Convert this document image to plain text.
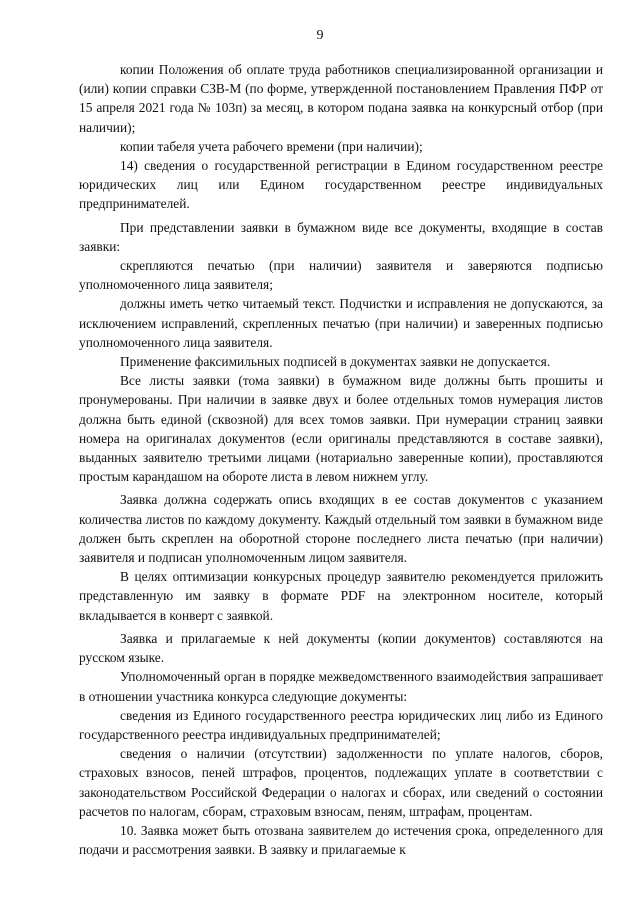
9

копии Положения об оплате труда работников специализированной организации и (или) копии справки СЗВ-М (по форме, утвержденной постановлением Правления ПФР от 15 апреля 2021 года № 103п) за месяц, в котором подана заявка на конкурсный отбор (при наличии);

копии табеля учета рабочего времени (при наличии);

14) сведения о государственной регистрации в Едином государственном реестре юридических лиц или Едином государственном реестре индивидуальных предпринимателей.

При представлении заявки в бумажном виде все документы, входящие в состав заявки:

скрепляются печатью (при наличии) заявителя и заверяются подписью уполномоченного лица заявителя;

должны иметь четко читаемый текст. Подчистки и исправления не допускаются, за исключением исправлений, скрепленных печатью (при наличии) и заверенных подписью уполномоченного лица заявителя.

Применение факсимильных подписей в документах заявки не допускается.

Все листы заявки (тома заявки) в бумажном виде должны быть прошиты и пронумерованы. При наличии в заявке двух и более отдельных томов нумерация листов должна быть единой (сквозной) для всех томов заявки. При нумерации страниц заявки номера на оригиналах документов (если оригиналы представляются в составе заявки), выданных заявителю третьими лицами (нотариально заверенные копии), проставляются простым карандашом на обороте листа в левом нижнем углу.

Заявка должна содержать опись входящих в ее состав документов с указанием количества листов по каждому документу. Каждый отдельный том заявки в бумажном виде должен быть скреплен на оборотной стороне последнего листа печатью (при наличии) заявителя и подписан уполномоченным лицом заявителя.

В целях оптимизации конкурсных процедур заявителю рекомендуется приложить представленную им заявку в формате PDF на электронном носителе, который вкладывается в конверт с заявкой.

Заявка и прилагаемые к ней документы (копии документов) составляются на русском языке.

Уполномоченный орган в порядке межведомственного взаимодействия запрашивает в отношении участника конкурса следующие документы:

сведения из Единого государственного реестра юридических лиц либо из Единого государственного реестра индивидуальных предпринимателей;

сведения о наличии (отсутствии) задолженности по уплате налогов, сборов, страховых взносов, пеней штрафов, процентов, подлежащих уплате в соответствии с законодательством Российской Федерации о налогах и сборах, или сведений о состоянии расчетов по налогам, сборам, страховым взносам, пеням, штрафам, процентам.

10. Заявка может быть отозвана заявителем до истечения срока, определенного для подачи и рассмотрения заявки. В заявку и прилагаемые к
